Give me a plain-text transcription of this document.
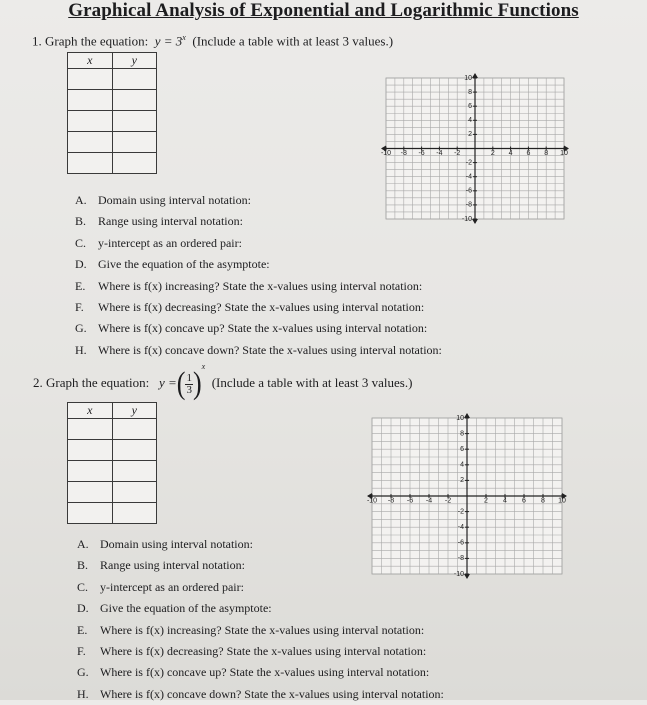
Graphical Analysis of Exponential and Logarithmic Functions
1. Graph the equation: $y = 3^x$ (Include a table with at least 3 values.)
x	y

-10 -8 -6 -4 -2	2 4 6 8 10
10
8
6
4
2
-2
-4
-6
-8
-10
A. Domain using interval notation:
B. Range using interval notation:
C. y-intercept as an ordered pair:
D. Give the equation of the asymptote:
E. Where is f(x) increasing? State the x-values using interval notation:
F. Where is f(x) decreasing? State the x-values using interval notation:
G. Where is f(x) concave up? State the x-values using interval notation:
H. Where is f(x) concave down? State the x-values using interval notation:
2. Graph the equation: y =( $\frac{1}{3} )^x$  (Include a table with at least 3 values.)
x	y

-10 -8 -6 -4 -2	2 4 6 8 10
10
8
6
4
2
-2
-4
-6
-8
-10
A. Domain using interval notation:
B. Range using interval notation:
C. y-intercept as an ordered pair:
D. Give the equation of the asymptote:
E. Where is f(x) increasing? State the x-values using interval notation:
F. Where is f(x) decreasing? State the x-values using interval notation:
G. Where is f(x) concave up? State the x-values using interval notation:
H. Where is f(x) concave down? State the x-values using interval notation:
